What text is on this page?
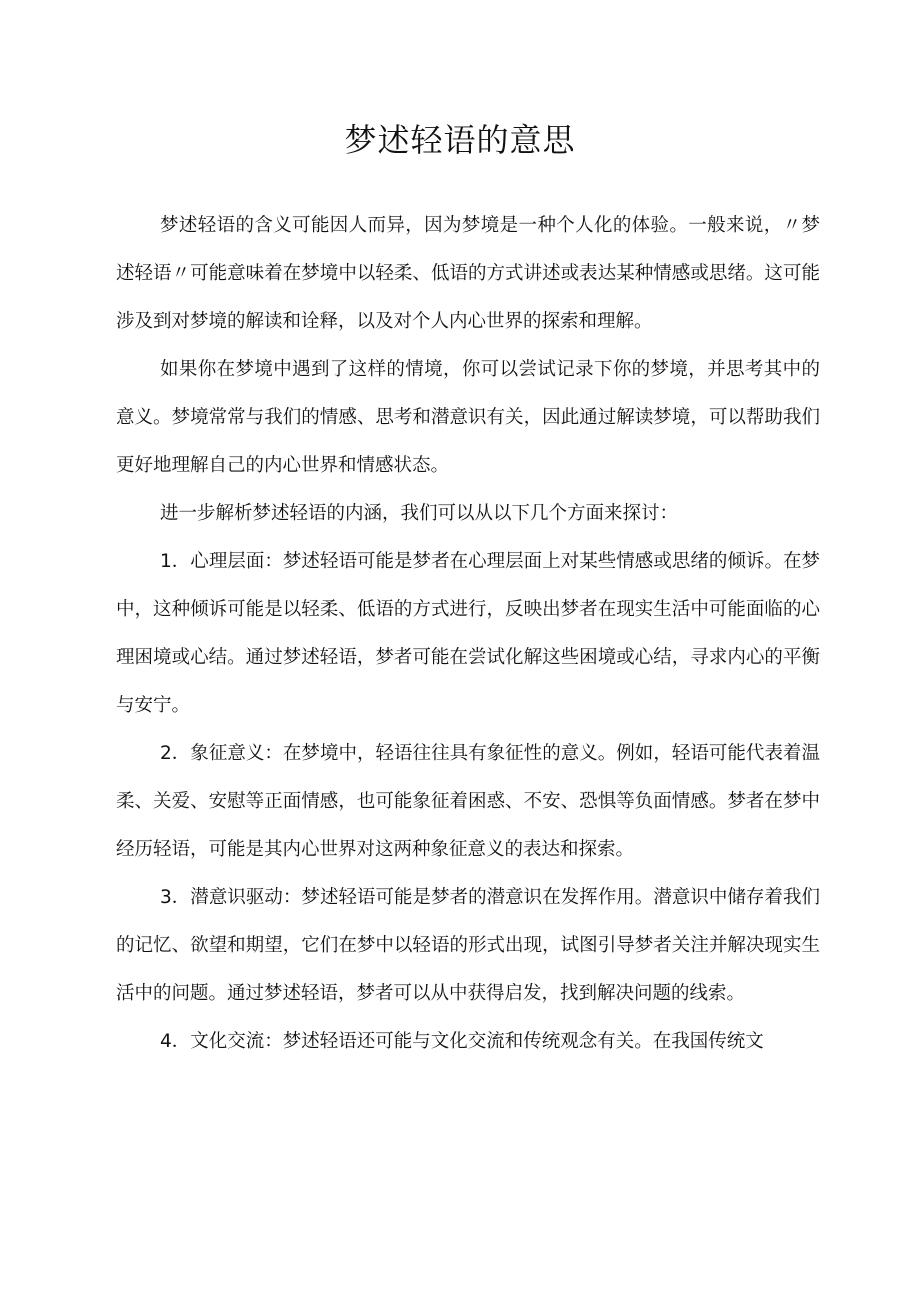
梦述轻语的意思

梦述轻语的含义可能因人而异，因为梦境是一种个人化的体验。一般来说，〃梦述轻语〃可能意味着在梦境中以轻柔、低语的方式讲述或表达某种情感或思绪。这可能涉及到对梦境的解读和诠释，以及对个人内心世界的探索和理解。

如果你在梦境中遇到了这样的情境，你可以尝试记录下你的梦境，并思考其中的意义。梦境常常与我们的情感、思考和潜意识有关，因此通过解读梦境，可以帮助我们更好地理解自己的内心世界和情感状态。

进一步解析梦述轻语的内涵，我们可以从以下几个方面来探讨：

1．心理层面：梦述轻语可能是梦者在心理层面上对某些情感或思绪的倾诉。在梦中，这种倾诉可能是以轻柔、低语的方式进行，反映出梦者在现实生活中可能面临的心理困境或心结。通过梦述轻语，梦者可能在尝试化解这些困境或心结，寻求内心的平衡与安宁。

2．象征意义：在梦境中，轻语往往具有象征性的意义。例如，轻语可能代表着温柔、关爱、安慰等正面情感，也可能象征着困惑、不安、恐惧等负面情感。梦者在梦中经历轻语，可能是其内心世界对这两种象征意义的表达和探索。

3．潜意识驱动：梦述轻语可能是梦者的潜意识在发挥作用。潜意识中储存着我们的记忆、欲望和期望，它们在梦中以轻语的形式出现，试图引导梦者关注并解决现实生活中的问题。通过梦述轻语，梦者可以从中获得启发，找到解决问题的线索。

4．文化交流：梦述轻语还可能与文化交流和传统观念有关。在我国传统文
